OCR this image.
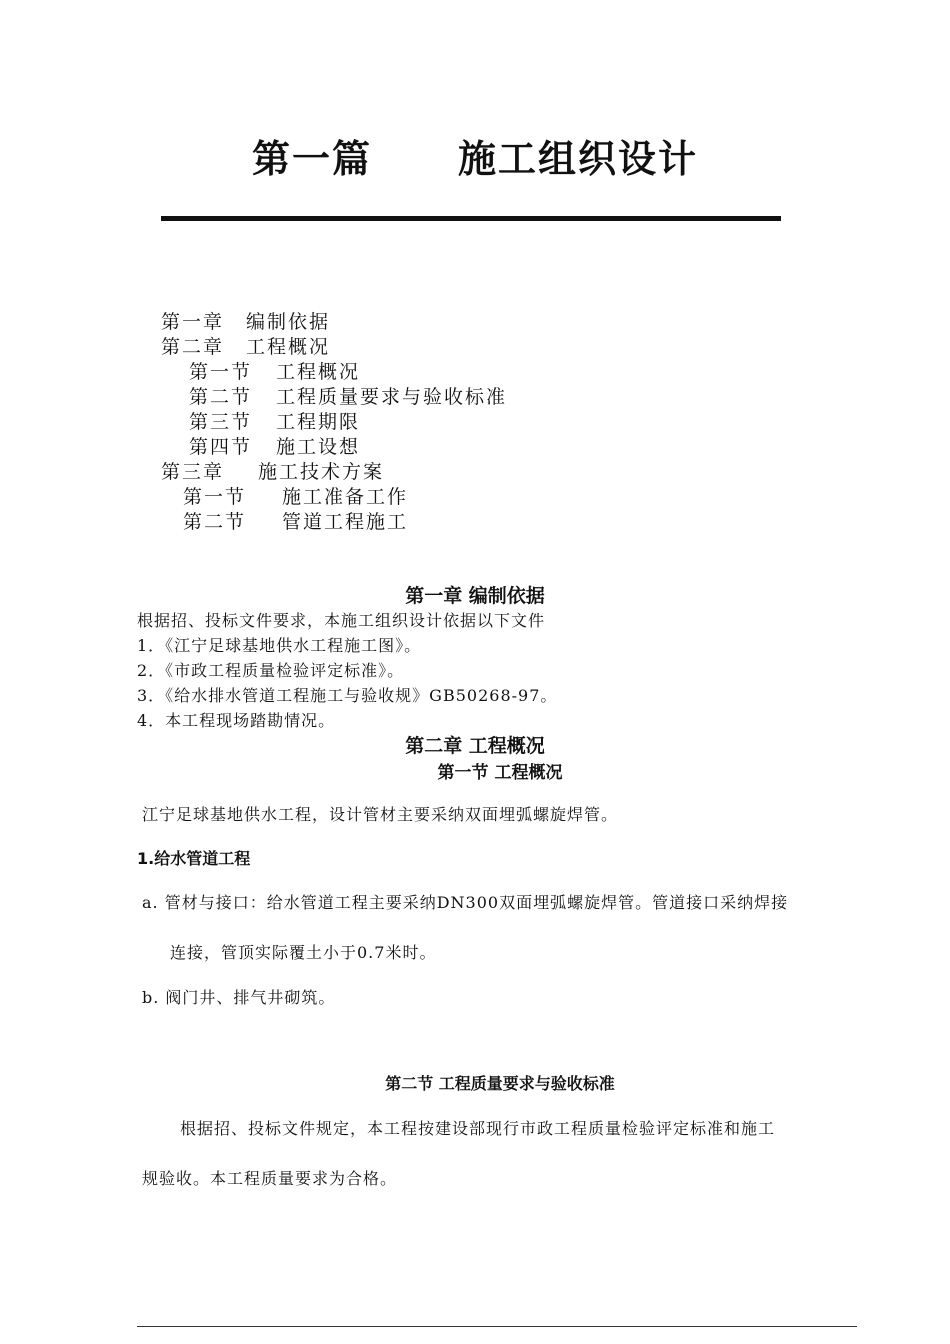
第一篇 施工组织设计
第一章 编制依据
第二章 工程概况
第一节 工程概况
第二节 工程质量要求与验收标准
第三节 工程期限
第四节 施工设想
第三章 施工技术方案
第一节 施工准备工作
第二节 管道工程施工
第一章 编制依据
根据招、投标文件要求，本施工组织设计依据以下文件
1．《江宁足球基地供水工程施工图》。
2．《市政工程质量检验评定标准》。
3．《给水排水管道工程施工与验收规》GB50268-97。
4．本工程现场踏勘情况。
第二章 工程概况
第一节 工程概况
江宁足球基地供水工程，设计管材主要采纳双面埋弧螺旋焊管。
1.给水管道工程
a. 管材与接口：给水管道工程主要采纳DN300双面埋弧螺旋焊管。管道接口采纳焊接
连接，管顶实际覆土小于0.7米时。
b. 阀门井、排气井砌筑。
第二节 工程质量要求与验收标准
根据招、投标文件规定，本工程按建设部现行市政工程质量检验评定标准和施工
规验收。本工程质量要求为合格。
